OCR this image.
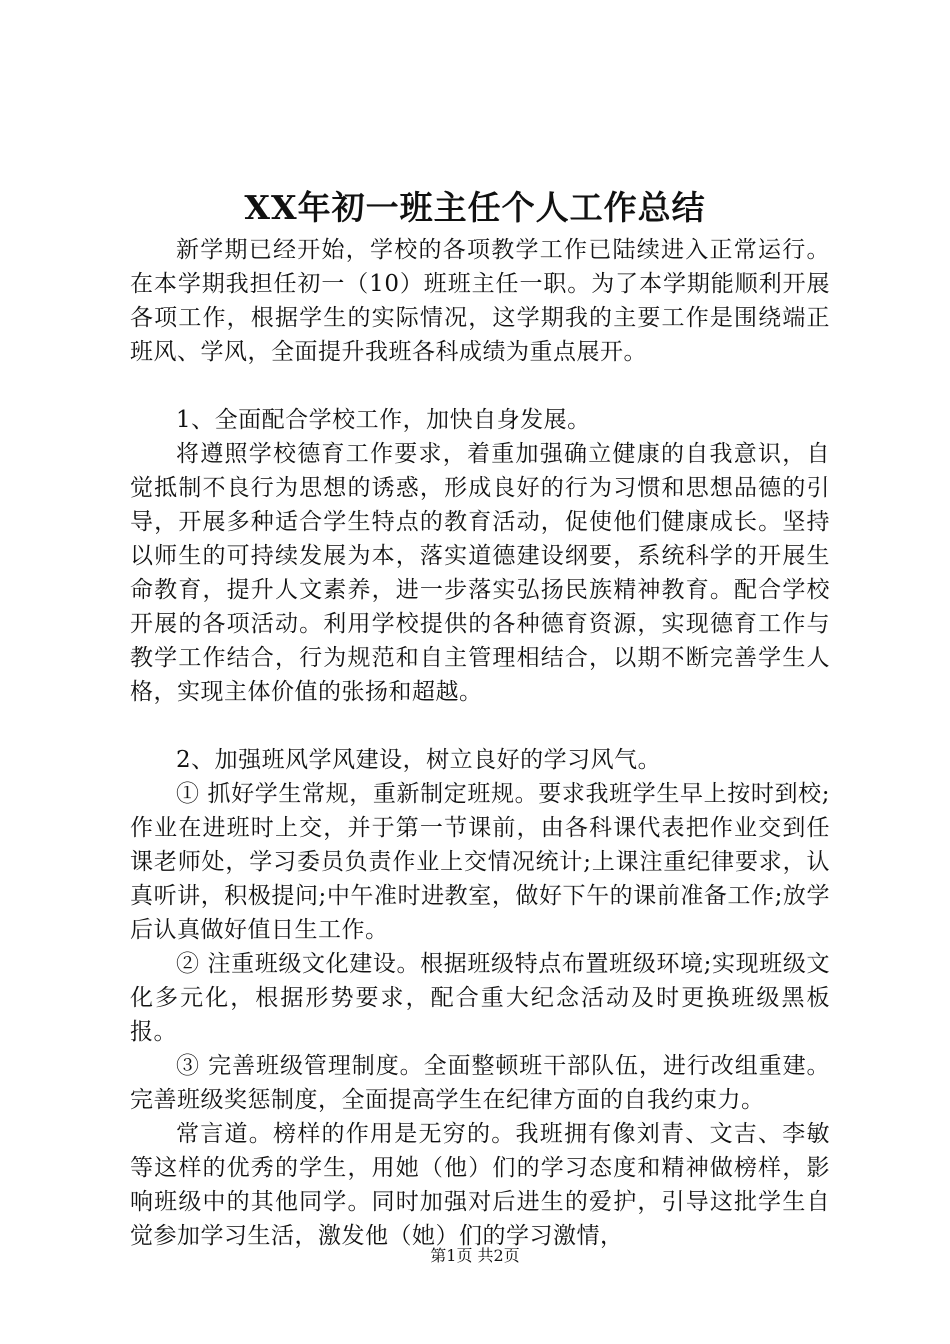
XX年初一班主任个人工作总结

新学期已经开始，学校的各项教学工作已陆续进入正常运行。在本学期我担任初一（10）班班主任一职。为了本学期能顺利开展各项工作，根据学生的实际情况，这学期我的主要工作是围绕端正班风、学风，全面提升我班各科成绩为重点展开。

1、全面配合学校工作，加快自身发展。

将遵照学校德育工作要求，着重加强确立健康的自我意识，自觉抵制不良行为思想的诱惑，形成良好的行为习惯和思想品德的引导，开展多种适合学生特点的教育活动，促使他们健康成长。坚持以师生的可持续发展为本，落实道德建设纲要，系统科学的开展生命教育，提升人文素养，进一步落实弘扬民族精神教育。配合学校开展的各项活动。利用学校提供的各种德育资源，实现德育工作与教学工作结合，行为规范和自主管理相结合，以期不断完善学生人格，实现主体价值的张扬和超越。

2、加强班风学风建设，树立良好的学习风气。

① 抓好学生常规，重新制定班规。要求我班学生早上按时到校;作业在进班时上交，并于第一节课前，由各科课代表把作业交到任课老师处，学习委员负责作业上交情况统计;上课注重纪律要求，认真听讲，积极提问;中午准时进教室，做好下午的课前准备工作;放学后认真做好值日生工作。

② 注重班级文化建设。根据班级特点布置班级环境;实现班级文化多元化，根据形势要求，配合重大纪念活动及时更换班级黑板报。

③ 完善班级管理制度。全面整顿班干部队伍，进行改组重建。完善班级奖惩制度，全面提高学生在纪律方面的自我约束力。

常言道。榜样的作用是无穷的。我班拥有像刘青、文吉、李敏等这样的优秀的学生，用她（他）们的学习态度和精神做榜样，影响班级中的其他同学。同时加强对后进生的爱护，引导这批学生自觉参加学习生活，激发他（她）们的学习激情，

第1页 共2页
